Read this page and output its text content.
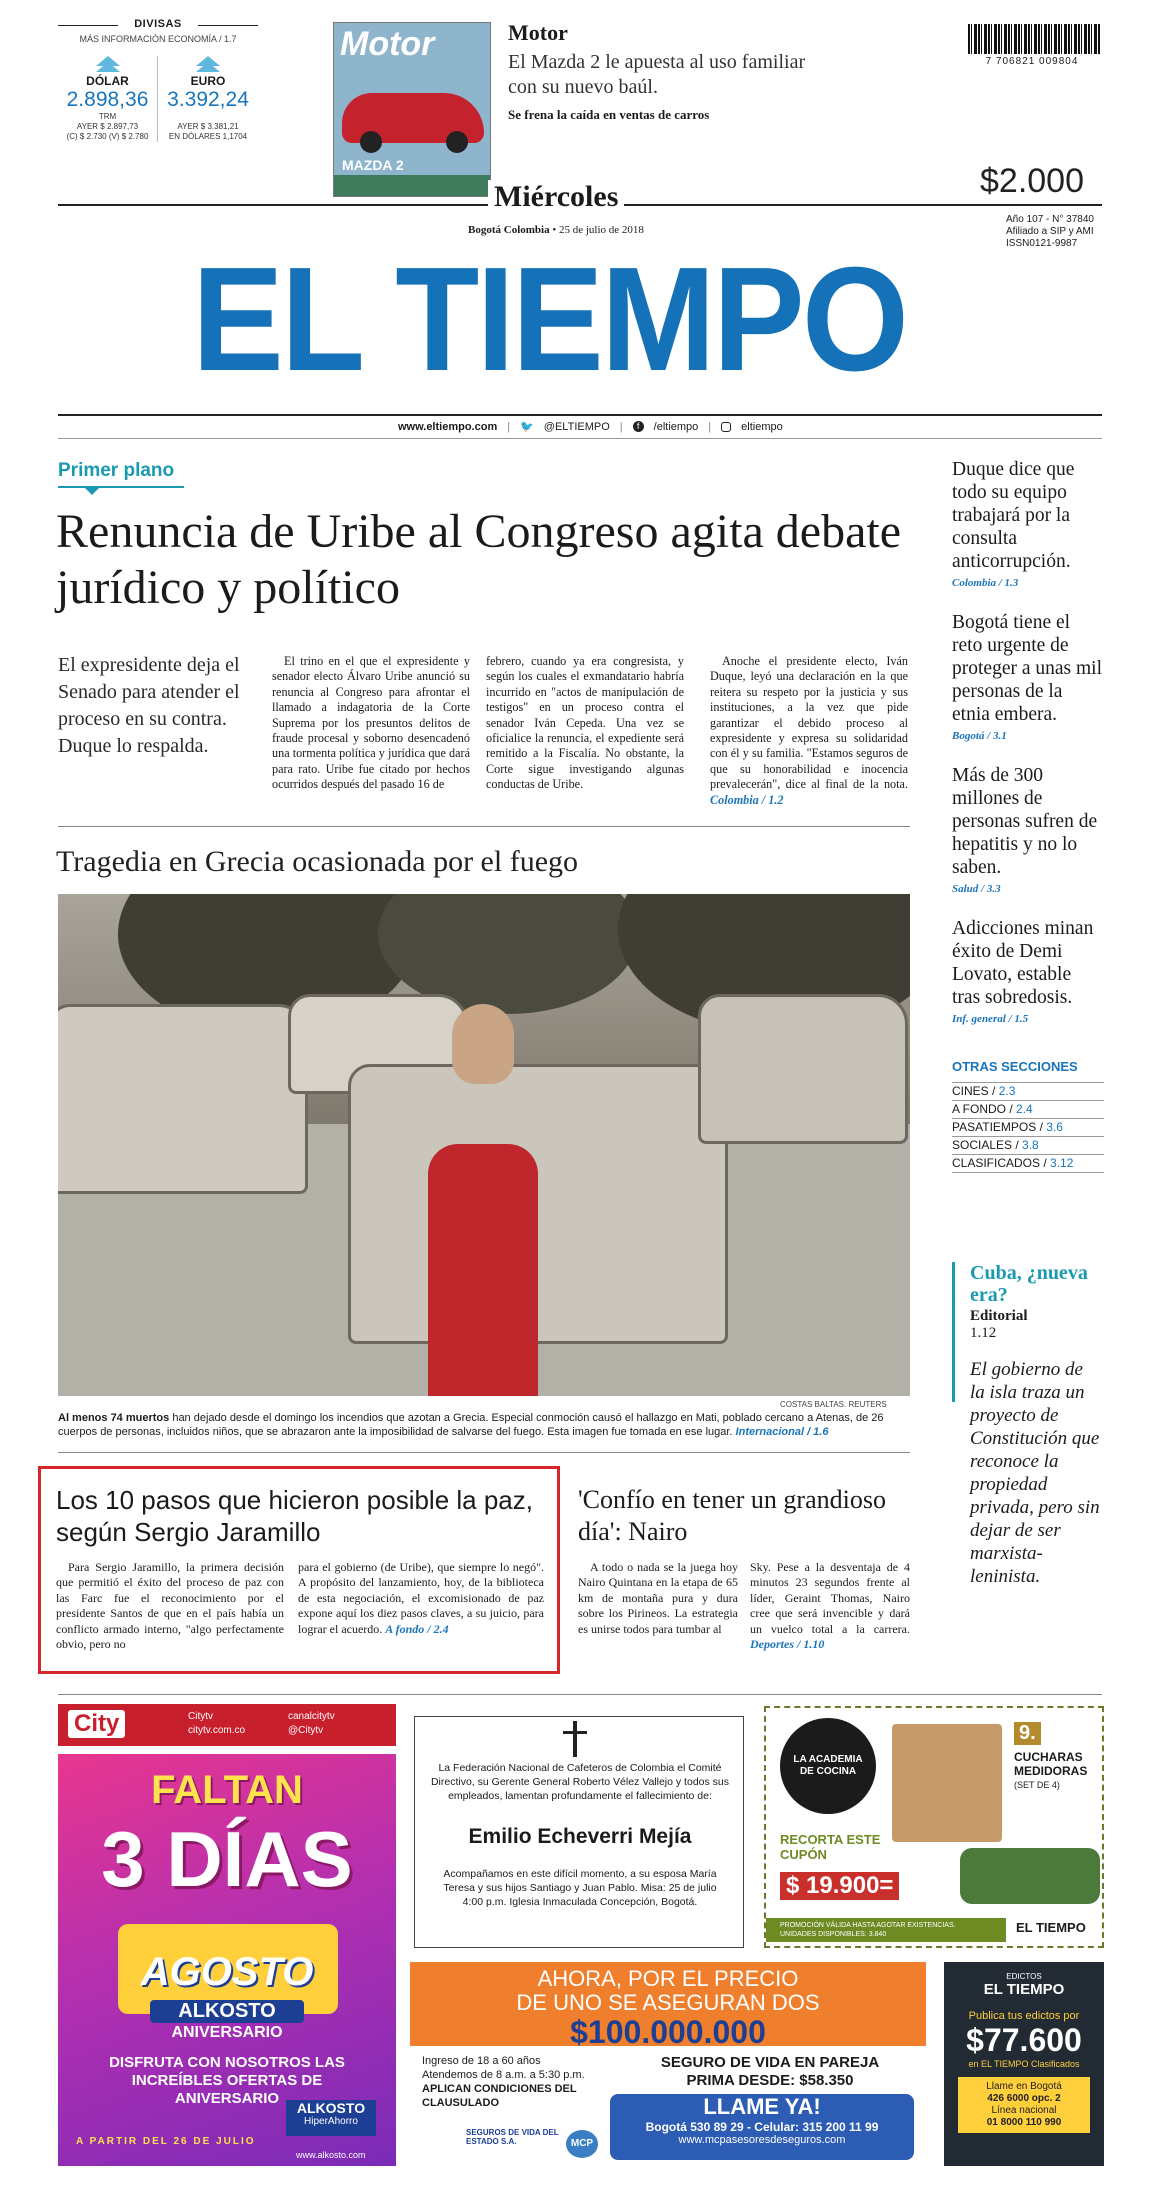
DIVISAS
MÁS INFORMACIÓN ECONOMÍA / 1.7
DÓLAR
2.898,36
TRM
AYER $ 2.897,73
(C) $ 2.730 (V) $ 2.780
EURO
3.392,24
AYER $ 3.381,21
EN DÓLARES 1,1704
Motor
MAZDA 2
Motor
El Mazda 2 le apuesta al uso familiar con su nuevo baúl.
Se frena la caída en ventas de carros
7 706821 009804
Miércoles
Bogotá Colombia • 25 de julio de 2018
$2.000
Año 107 - N° 37840
Afiliado a SIP y AMI
ISSN0121-9987
EL TIEMPO
www.eltiempo.com | 🐦 @ELTIEMPO |	f	/eltiempo |	eltiempo
Primer plano
Renuncia de Uribe al Congreso agita debate jurídico y político
El expresidente deja el Senado para atender el proceso en su contra. Duque lo respalda.
El trino en el que el expresidente y senador electo Álvaro Uribe anunció su renuncia al Congreso para afrontar el llamado a indagatoria de la Corte Suprema por los presuntos delitos de fraude procesal y soborno desencadenó una tormenta política y jurídica que dará para rato. Uribe fue citado por hechos ocurridos después del pasado 16 de
febrero, cuando ya era congresista, y según los cuales el exmandatario habría incurrido en "actos de manipulación de testigos" en un proceso contra el senador Iván Cepeda. Una vez se oficialice la renuncia, el expediente será remitido a la Fiscalía. No obstante, la Corte sigue investigando algunas conductas de Uribe.
Anoche el presidente electo, Iván Duque, leyó una declaración en la que reitera su respeto por la justicia y sus instituciones, a la vez que pide garantizar el debido proceso al expresidente y expresa su solidaridad con él y su familia. "Estamos seguros de que su honorabilidad e inocencia prevalecerán", dice al final de la nota. Colombia / 1.2
Tragedia en Grecia ocasionada por el fuego
COSTAS BALTAS. REUTERS
Al menos 74 muertos han dejado desde el domingo los incendios que azotan a Grecia. Especial conmoción causó el hallazgo en Mati, poblado cercano a Atenas, de 26 cuerpos de personas, incluidos niños, que se abrazaron ante la imposibilidad de salvarse del fuego. Esta imagen fue tomada en ese lugar. Internacional / 1.6
Los 10 pasos que hicieron posible la paz, según Sergio Jaramillo
Para Sergio Jaramillo, la primera decisión que permitió el éxito del proceso de paz con las Farc fue el reconocimiento por el presidente Santos de que en el país había un conflicto armado interno, "algo perfectamente obvio, pero no
para el gobierno (de Uribe), que siempre lo negó". A propósito del lanzamiento, hoy, de la biblioteca de esta negociación, el excomisionado de paz expone aquí los diez pasos claves, a su juicio, para lograr el acuerdo. A fondo / 2.4
'Confío en tener un grandioso día': Nairo
A todo o nada se la juega hoy Nairo Quintana en la etapa de 65 km de montaña pura y dura sobre los Pirineos. La estrategia es unirse todos para tumbar al
Sky. Pese a la desventaja de 4 minutos 23 segundos frente al líder, Geraint Thomas, Nairo cree que será invencible y dará un vuelco total a la carrera. Deportes / 1.10
Duque dice que todo su equipo trabajará por la consulta anticorrupción.
Colombia / 1.3
Bogotá tiene el reto urgente de proteger a unas mil personas de la etnia embera.
Bogotá / 3.1
Más de 300 millones de personas sufren de hepatitis y no lo saben.
Salud / 3.3
Adicciones minan éxito de Demi Lovato, estable tras sobredosis.
Inf. general / 1.5
OTRAS SECCIONES
CINES / 2.3
A FONDO / 2.4
PASATIEMPOS / 3.6
SOCIALES / 3.8
CLASIFICADOS / 3.12
Cuba, ¿nueva era?
Editorial
1.12
El gobierno de la isla traza un proyecto de Constitución que reconoce la propiedad privada, pero sin dejar de ser marxista-leninista.
City	Citytv
citytv.com.co
canalcitytv
@Citytv
FALTAN
3 DÍAS
AGOSTO
ALKOSTO
ANIVERSARIO
DISFRUTA CON NOSOTROS LAS INCREÍBLES OFERTAS DE ANIVERSARIO
ALKOSTO
HiperAhorro
A PARTIR DEL 26 DE JULIO
www.alkosto.com
La Federación Nacional de Cafeteros de Colombia el Comité Directivo, su Gerente General Roberto Vélez Vallejo y todos sus empleados, lamentan profundamente el fallecimiento de:
Emilio Echeverri Mejía
Acompañamos en este difícil momento, a su esposa María Teresa y sus hijos Santiago y Juan Pablo. Misa: 25 de julio 4:00 p.m. Iglesia Inmaculada Concepción, Bogotá.
LA ACADEMIA DE COCINA
9.
CUCHARAS MEDIDORAS
(SET DE 4)
RECORTA ESTE CUPÓN
$ 19.900=
PROMOCIÓN VÁLIDA HASTA AGOTAR EXISTENCIAS. UNIDADES DISPONIBLES: 3.840	EL TIEMPO
AHORA, POR EL PRECIO
DE UNO SE ASEGURAN DOS
$100.000.000
Ingreso de 18 a 60 años
Atendemos de 8 a.m. a 5:30 p.m.
APLICAN CONDICIONES DEL CLAUSULADO
SEGURO DE VIDA EN PAREJA
PRIMA DESDE: $58.350
LLAME YA!
Bogotá 530 89 29 - Celular: 315 200 11 99
www.mcpasesoresdeseguros.com
SEGUROS DE VIDA DEL ESTADO S.A.	MCP
EDICTOS
EL TIEMPO
Publica tus edictos por
$77.600
en EL TIEMPO Clasificados
Llame en Bogotá
426 6000 opc. 2
Línea nacional
01 8000 110 990
